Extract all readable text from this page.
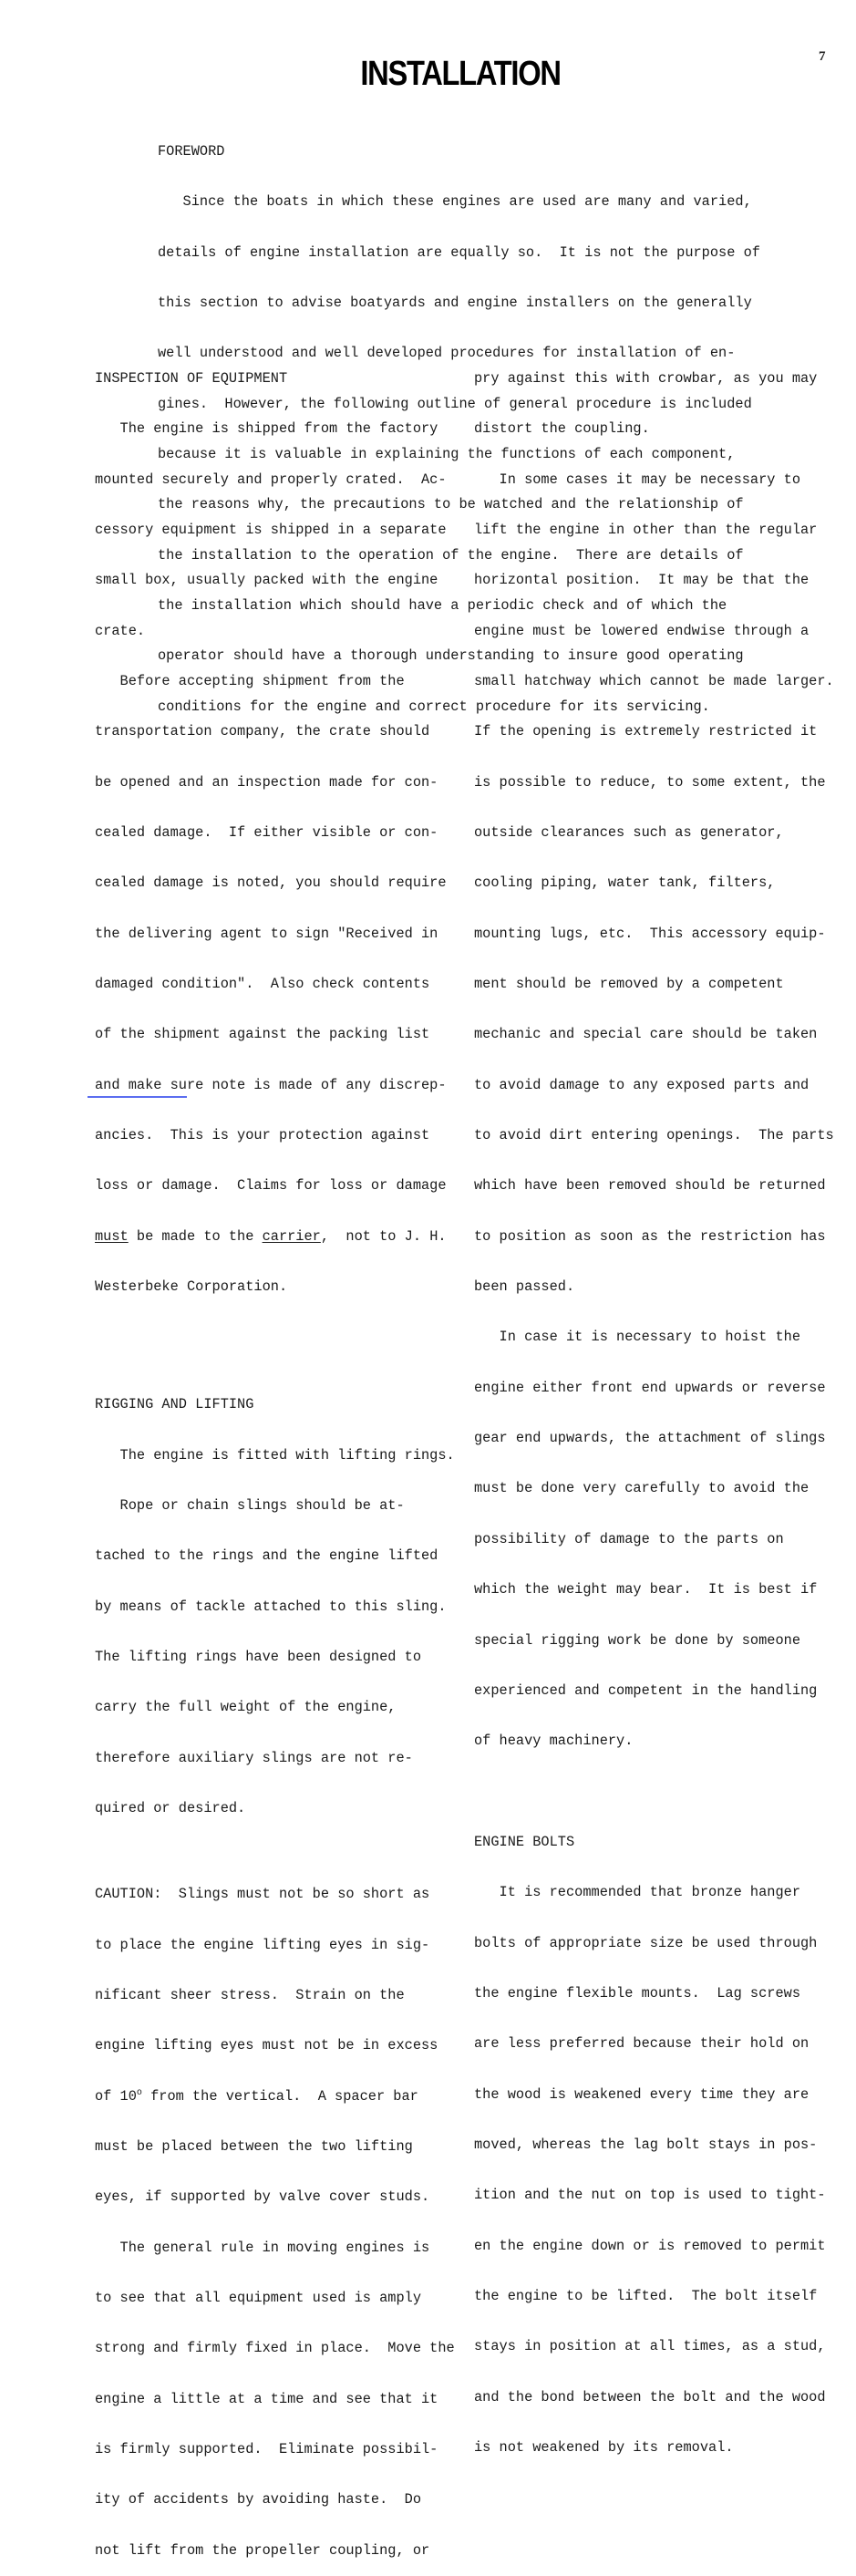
7
INSTALLATION

FOREWORD

Since the boats in which these engines are used are many and varied,

details of engine installation are equally so.  It is not the purpose of

this section to advise boatyards and engine installers on the generally

well understood and well developed procedures for installation of en-

gines.  However, the following outline of general procedure is included

because it is valuable in explaining the functions of each component,

the reasons why, the precautions to be watched and the relationship of

the installation to the operation of the engine.  There are details of

the installation which should have a periodic check and of which the

operator should have a thorough understanding to insure good operating

conditions for the engine and correct procedure for its servicing.

INSPECTION OF EQUIPMENT

The engine is shipped from the factory

mounted securely and properly crated.  Ac-

cessory equipment is shipped in a separate

small box, usually packed with the engine

crate.

Before accepting shipment from the

transportation company, the crate should

be opened and an inspection made for con-

cealed damage.  If either visible or con-

cealed damage is noted, you should require

the delivering agent to sign "Received in

damaged condition".  Also check contents

of the shipment against the packing list

and make sure note is made of any discrep-

ancies.  This is your protection against

loss or damage.  Claims for loss or damage

must be made to the carrier,  not to J. H.

Westerbeke Corporation.

RIGGING AND LIFTING

The engine is fitted with lifting rings.

Rope or chain slings should be at-

tached to the rings and the engine lifted

by means of tackle attached to this sling.

The lifting rings have been designed to

carry the full weight of the engine,

therefore auxiliary slings are not re-

quired or desired.

CAUTION:  Slings must not be so short as

to place the engine lifting eyes in sig-

nificant sheer stress.  Strain on the

engine lifting eyes must not be in excess

of 10$^o$ from the vertical.  A spacer bar

must be placed between the two lifting

eyes, if supported by valve cover studs.

The general rule in moving engines is

to see that all equipment used is amply

strong and firmly fixed in place.  Move the

engine a little at a time and see that it

is firmly supported.  Eliminate possibil-

ity of accidents by avoiding haste.  Do

not lift from the propeller coupling, or

pry against this with crowbar, as you may

distort the coupling.

In some cases it may be necessary to

lift the engine in other than the regular

horizontal position.  It may be that the

engine must be lowered endwise through a

small hatchway which cannot be made larger.

If the opening is extremely restricted it

is possible to reduce, to some extent, the

outside clearances such as generator,

cooling piping, water tank, filters,

mounting lugs, etc.  This accessory equip-

ment should be removed by a competent

mechanic and special care should be taken

to avoid damage to any exposed parts and

to avoid dirt entering openings.  The parts

which have been removed should be returned

to position as soon as the restriction has

been passed.

In case it is necessary to hoist the

engine either front end upwards or reverse

gear end upwards, the attachment of slings

must be done very carefully to avoid the

possibility of damage to the parts on

which the weight may bear.  It is best if

special rigging work be done by someone

experienced and competent in the handling

of heavy machinery.

ENGINE BOLTS

It is recommended that bronze hanger

bolts of appropriate size be used through

the engine flexible mounts.  Lag screws

are less preferred because their hold on

the wood is weakened every time they are

moved, whereas the lag bolt stays in pos-

ition and the nut on top is used to tight-

en the engine down or is removed to permit

the engine to be lifted.  The bolt itself

stays in position at all times, as a stud,

and the bond between the bolt and the wood

is not weakened by its removal.
